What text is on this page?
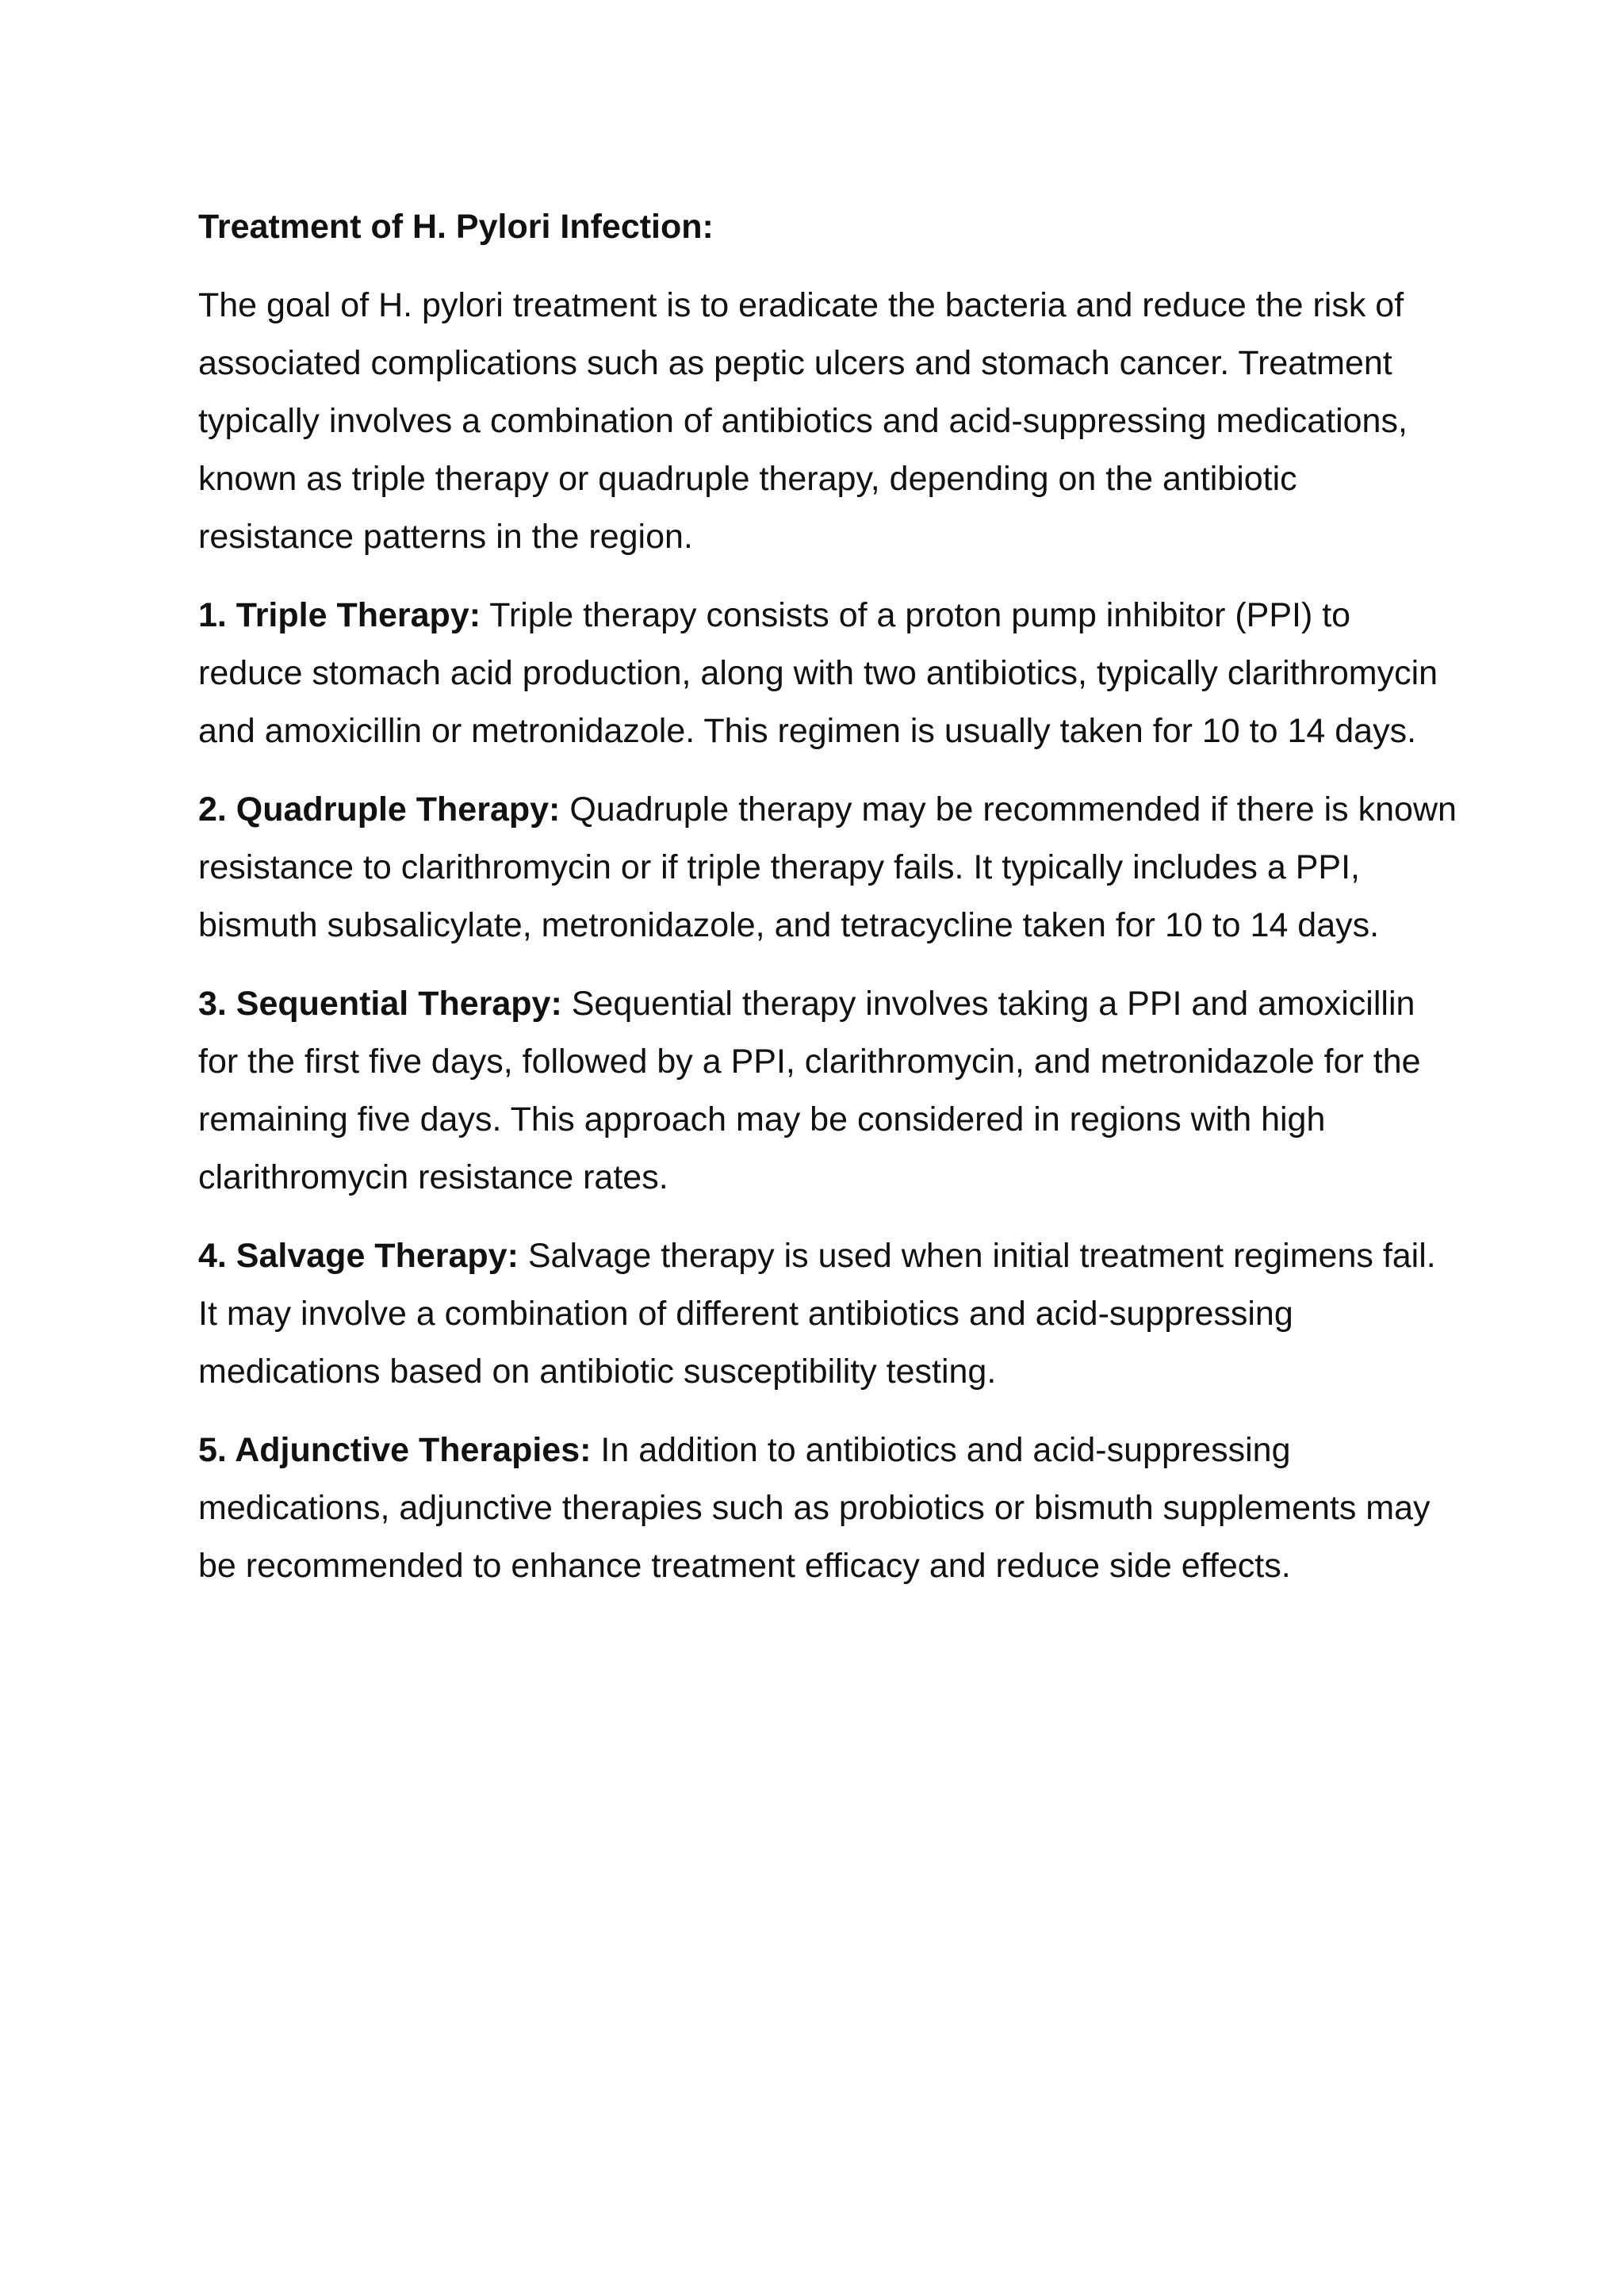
Treatment of H. Pylori Infection:

The goal of H. pylori treatment is to eradicate the bacteria and reduce the risk of associated complications such as peptic ulcers and stomach cancer. Treatment typically involves a combination of antibiotics and acid-suppressing medications, known as triple therapy or quadruple therapy, depending on the antibiotic resistance patterns in the region.

1. Triple Therapy: Triple therapy consists of a proton pump inhibitor (PPI) to reduce stomach acid production, along with two antibiotics, typically clarithromycin and amoxicillin or metronidazole. This regimen is usually taken for 10 to 14 days.

2. Quadruple Therapy: Quadruple therapy may be recommended if there is known resistance to clarithromycin or if triple therapy fails. It typically includes a PPI, bismuth subsalicylate, metronidazole, and tetracycline taken for 10 to 14 days.

3. Sequential Therapy: Sequential therapy involves taking a PPI and amoxicillin for the first five days, followed by a PPI, clarithromycin, and metronidazole for the remaining five days. This approach may be considered in regions with high clarithromycin resistance rates.

4. Salvage Therapy: Salvage therapy is used when initial treatment regimens fail. It may involve a combination of different antibiotics and acid-suppressing medications based on antibiotic susceptibility testing.

5. Adjunctive Therapies: In addition to antibiotics and acid-suppressing medications, adjunctive therapies such as probiotics or bismuth supplements may be recommended to enhance treatment efficacy and reduce side effects.
